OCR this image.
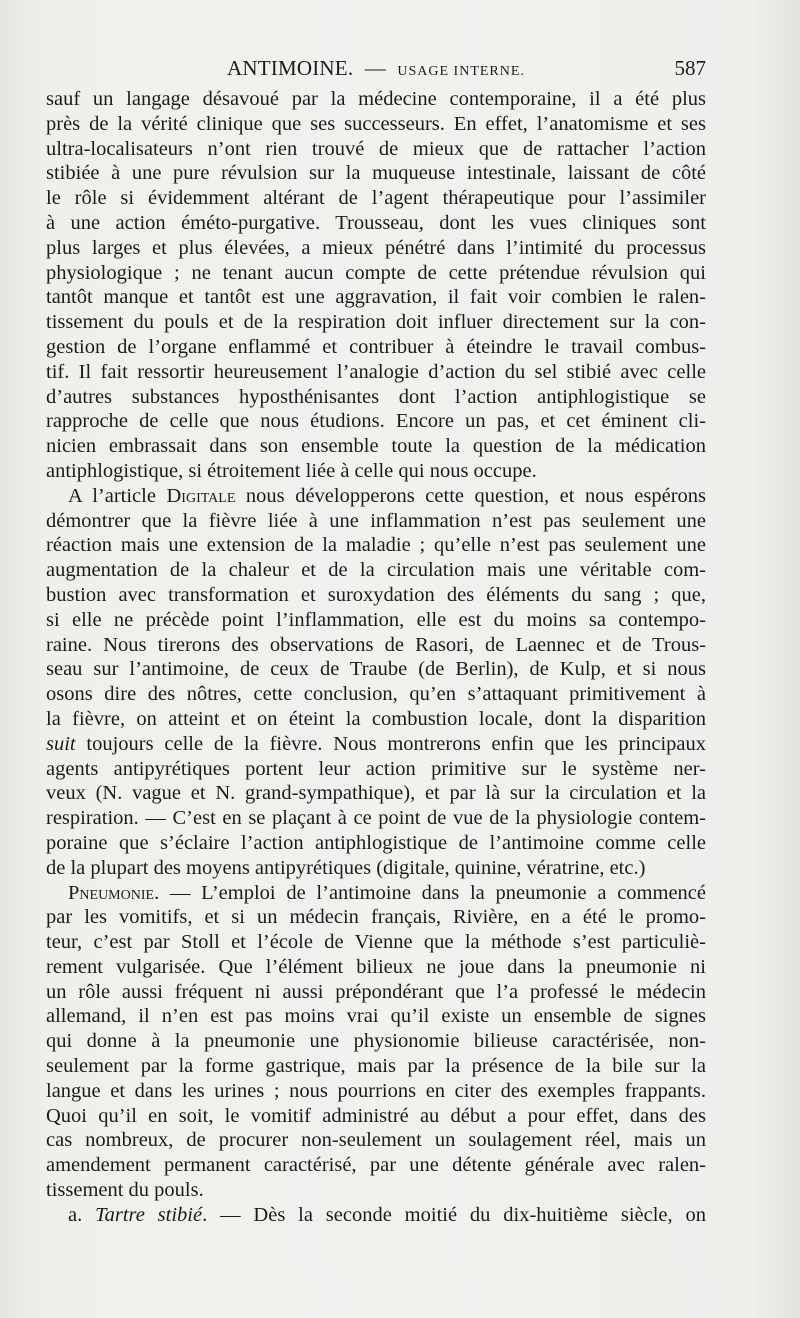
ANTIMOINE. — USAGE INTERNE.	587

sauf un langage désavoué par la médecine contemporaine, il a été plus

près de la vérité clinique que ses successeurs. En effet, l’anatomisme et ses

ultra-localisateurs n’ont rien trouvé de mieux que de rattacher l’action

stibiée à une pure révulsion sur la muqueuse intestinale, laissant de côté

le rôle si évidemment altérant de l’agent thérapeutique pour l’assimiler

à une action éméto-purgative. Trousseau, dont les vues cliniques sont

plus larges et plus élevées, a mieux pénétré dans l’intimité du processus

physiologique ; ne tenant aucun compte de cette prétendue révulsion qui

tantôt manque et tantôt est une aggravation, il fait voir combien le ralen-

tissement du pouls et de la respiration doit influer directement sur la con-

gestion de l’organe enflammé et contribuer à éteindre le travail combus-

tif. Il fait ressortir heureusement l’analogie d’action du sel stibié avec celle

d’autres substances hyposthénisantes dont l’action antiphlogistique se

rapproche de celle que nous étudions. Encore un pas, et cet éminent cli-

nicien embrassait dans son ensemble toute la question de la médication

antiphlogistique, si étroitement liée à celle qui nous occupe.

A l’article Digitale nous développerons cette question, et nous espérons

démontrer que la fièvre liée à une inflammation n’est pas seulement une

réaction mais une extension de la maladie ; qu’elle n’est pas seulement une

augmentation de la chaleur et de la circulation mais une véritable com-

bustion avec transformation et suroxydation des éléments du sang ; que,

si elle ne précède point l’inflammation, elle est du moins sa contempo-

raine. Nous tirerons des observations de Rasori, de Laennec et de Trous-

seau sur l’antimoine, de ceux de Traube (de Berlin), de Kulp, et si nous

osons dire des nôtres, cette conclusion, qu’en s’attaquant primitivement à

la fièvre, on atteint et on éteint la combustion locale, dont la disparition

suit toujours celle de la fièvre. Nous montrerons enfin que les principaux

agents antipyrétiques portent leur action primitive sur le système ner-

veux (N. vague et N. grand-sympathique), et par là sur la circulation et la

respiration. — C’est en se plaçant à ce point de vue de la physiologie contem-

poraine que s’éclaire l’action antiphlogistique de l’antimoine comme celle

de la plupart des moyens antipyrétiques (digitale, quinine, vératrine, etc.)

Pneumonie. — L’emploi de l’antimoine dans la pneumonie a commencé

par les vomitifs, et si un médecin français, Rivière, en a été le promo-

teur, c’est par Stoll et l’école de Vienne que la méthode s’est particuliè-

rement vulgarisée. Que l’élément bilieux ne joue dans la pneumonie ni

un rôle aussi fréquent ni aussi prépondérant que l’a professé le médecin

allemand, il n’en est pas moins vrai qu’il existe un ensemble de signes

qui donne à la pneumonie une physionomie bilieuse caractérisée, non-

seulement par la forme gastrique, mais par la présence de la bile sur la

langue et dans les urines ; nous pourrions en citer des exemples frappants.

Quoi qu’il en soit, le vomitif administré au début a pour effet, dans des

cas nombreux, de procurer non-seulement un soulagement réel, mais un

amendement permanent caractérisé, par une détente générale avec ralen-

tissement du pouls.

a. Tartre stibié. — Dès la seconde moitié du dix-huitième siècle, on
